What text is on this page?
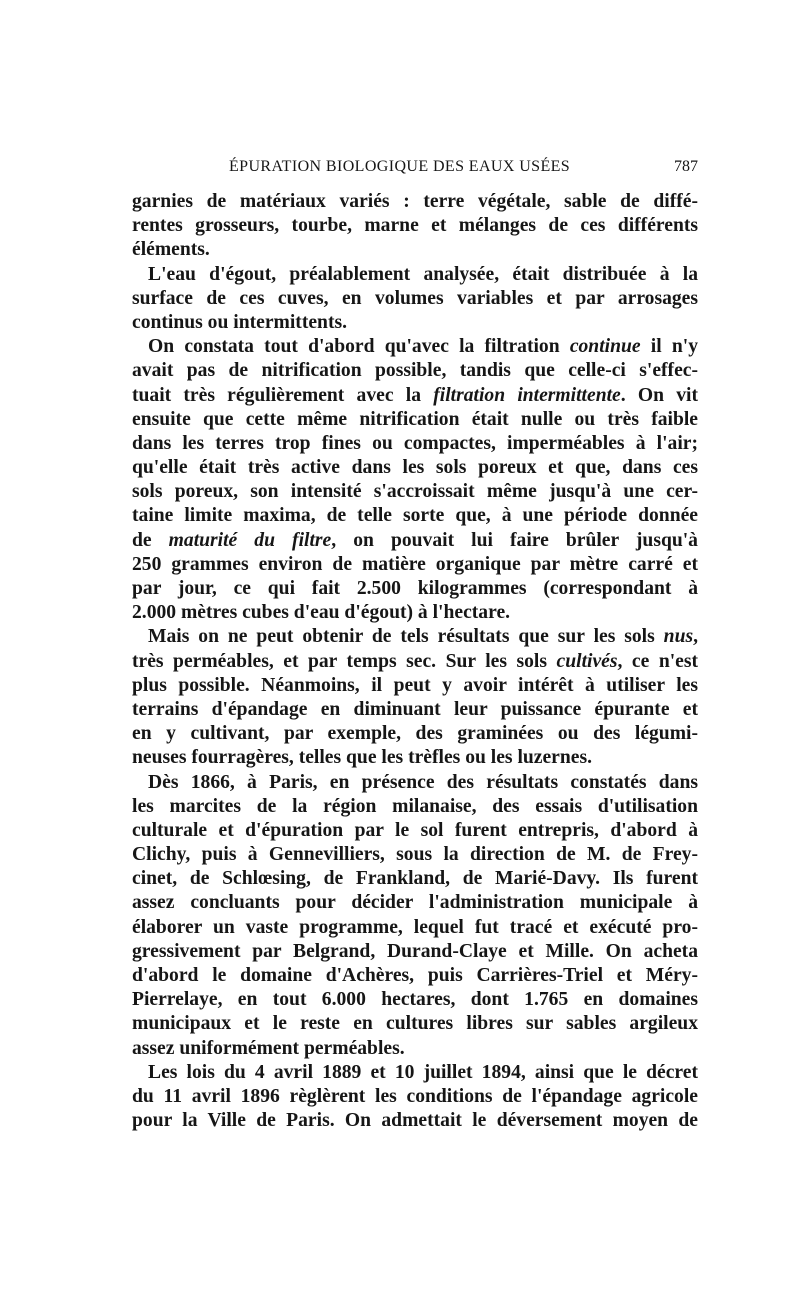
ÉPURATION BIOLOGIQUE DES EAUX USÉES	787
garnies de matériaux variés : terre végétale, sable de diffé-
rentes grosseurs, tourbe, marne et mélanges de ces différents
éléments.
L'eau d'égout, préalablement analysée, était distribuée à la
surface de ces cuves, en volumes variables et par arrosages
continus ou intermittents.
On constata tout d'abord qu'avec la filtration continue il n'y
avait pas de nitrification possible, tandis que celle-ci s'effec-
tuait très régulièrement avec la filtration intermittente. On vit
ensuite que cette même nitrification était nulle ou très faible
dans les terres trop fines ou compactes, imperméables à l'air;
qu'elle était très active dans les sols poreux et que, dans ces
sols poreux, son intensité s'accroissait même jusqu'à une cer-
taine limite maxima, de telle sorte que, à une période donnée
de maturité du filtre, on pouvait lui faire brûler jusqu'à
250 grammes environ de matière organique par mètre carré et
par jour, ce qui fait 2.500 kilogrammes (correspondant à
2.000 mètres cubes d'eau d'égout) à l'hectare.
Mais on ne peut obtenir de tels résultats que sur les sols nus,
très perméables, et par temps sec. Sur les sols cultivés, ce n'est
plus possible. Néanmoins, il peut y avoir intérêt à utiliser les
terrains d'épandage en diminuant leur puissance épurante et
en y cultivant, par exemple, des graminées ou des légumi-
neuses fourragères, telles que les trèfles ou les luzernes.
Dès 1866, à Paris, en présence des résultats constatés dans
les marcites de la région milanaise, des essais d'utilisation
culturale et d'épuration par le sol furent entrepris, d'abord à
Clichy, puis à Gennevilliers, sous la direction de M. de Frey-
cinet, de Schlœsing, de Frankland, de Marié-Davy. Ils furent
assez concluants pour décider l'administration municipale à
élaborer un vaste programme, lequel fut tracé et exécuté pro-
gressivement par Belgrand, Durand-Claye et Mille. On acheta
d'abord le domaine d'Achères, puis Carrières-Triel et Méry-
Pierrelaye, en tout 6.000 hectares, dont 1.765 en domaines
municipaux et le reste en cultures libres sur sables argileux
assez uniformément perméables.
Les lois du 4 avril 1889 et 10 juillet 1894, ainsi que le décret
du 11 avril 1896 règlèrent les conditions de l'épandage agricole
pour la Ville de Paris. On admettait le déversement moyen de
